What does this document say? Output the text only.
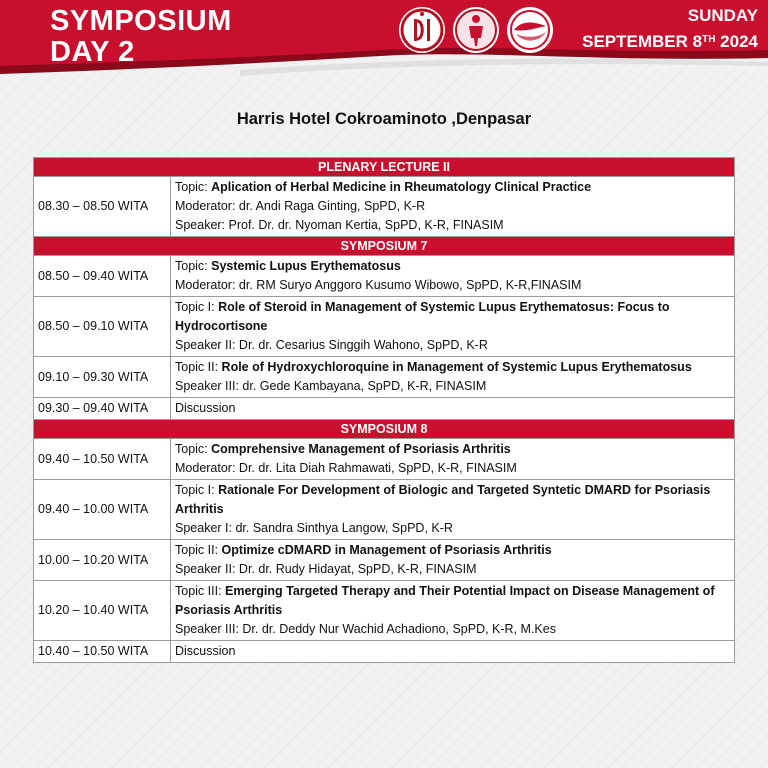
SYMPOSIUM
DAY 2
SUNDAY
SEPTEMBER 8TH 2024
Harris Hotel Cokroaminoto ,Denpasar
PLENARY LECTURE II	
08.30 – 08.50 WITA	Topic: Aplication of Herbal Medicine in Rheumatology Clinical Practice
Moderator: dr. Andi Raga Ginting, SpPD, K-R
Speaker: Prof. Dr. dr. Nyoman Kertia, SpPD, K-R, FINASIM

SYMPOSIUM 7	
08.50 – 09.40 WITA	Topic: Systemic Lupus Erythematosus
Moderator: dr. RM Suryo Anggoro Kusumo Wibowo, SpPD, K-R,FINASIM

08.50 – 09.10 WITA	Topic I: Role of Steroid in Management of Systemic Lupus Erythematosus: Focus to Hydrocortisone
Speaker II: Dr. dr. Cesarius Singgih Wahono, SpPD, K-R

09.10 – 09.30 WITA	Topic II: Role of Hydroxychloroquine in Management of Systemic Lupus Erythematosus
Speaker III: dr. Gede Kambayana, SpPD, K-R, FINASIM

09.30 – 09.40 WITA	Discussion
SYMPOSIUM 8	
09.40 – 10.50 WITA	Topic: Comprehensive Management of Psoriasis Arthritis
Moderator: Dr. dr. Lita Diah Rahmawati, SpPD, K-R, FINASIM

09.40 – 10.00 WITA	Topic I: Rationale For Development of Biologic and Targeted Syntetic DMARD for Psoriasis Arthritis
Speaker I: dr. Sandra Sinthya Langow, SpPD, K-R

10.00 – 10.20 WITA	Topic II: Optimize cDMARD in Management of Psoriasis Arthritis
Speaker II: Dr. dr. Rudy Hidayat, SpPD, K-R, FINASIM

10.20 – 10.40 WITA	Topic III: Emerging Targeted Therapy and Their Potential Impact on Disease Management of Psoriasis Arthritis
Speaker III: Dr. dr. Deddy Nur Wachid Achadiono, SpPD, K-R, M.Kes

10.40 – 10.50 WITA	Discussion
